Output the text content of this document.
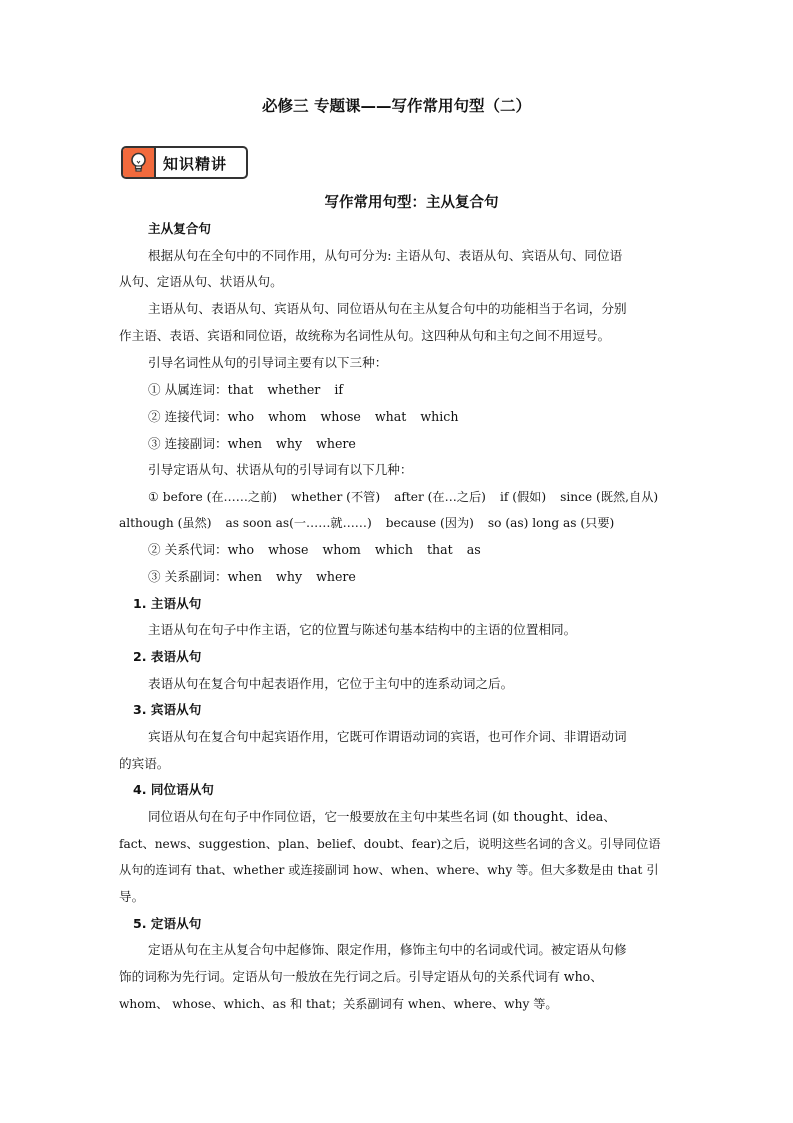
必修三 专题课——写作常用句型（二）
知识精讲
写作常用句型：主从复合句
主从复合句
根据从句在全句中的不同作用，从句可分为: 主语从句、表语从句、宾语从句、同位语
从句、定语从句、状语从句。
主语从句、表语从句、宾语从句、同位语从句在主从复合句中的功能相当于名词，分别
作主语、表语、宾语和同位语，故统称为名词性从句。这四种从句和主句之间不用逗号。
引导名词性从句的引导词主要有以下三种：
① 从属连词：that whether if
② 连接代词：who whom whose what which
③ 连接副词：when why where
引导定语从句、状语从句的引导词有以下几种：
① before (在……之前) whether (不管) after (在…之后) if (假如) since (既然,自从)
although (虽然) as soon as(一……就……) because (因为) so (as) long as (只要)
② 关系代词：who whose whom which that as
③ 关系副词：when why where
1. 主语从句
主语从句在句子中作主语，它的位置与陈述句基本结构中的主语的位置相同。
2. 表语从句
表语从句在复合句中起表语作用，它位于主句中的连系动词之后。
3. 宾语从句
宾语从句在复合句中起宾语作用，它既可作谓语动词的宾语，也可作介词、非谓语动词
的宾语。
4. 同位语从句
同位语从句在句子中作同位语，它一般要放在主句中某些名词 (如 thought、idea、
fact、news、suggestion、plan、belief、doubt、fear)之后，说明这些名词的含义。引导同位语
从句的连词有 that、whether 或连接副词 how、when、where、why 等。但大多数是由 that 引
导。
5. 定语从句
定语从句在主从复合句中起修饰、限定作用，修饰主句中的名词或代词。被定语从句修
饰的词称为先行词。定语从句一般放在先行词之后。引导定语从句的关系代词有 who、
whom、 whose、which、as 和 that；关系副词有 when、where、why 等。
